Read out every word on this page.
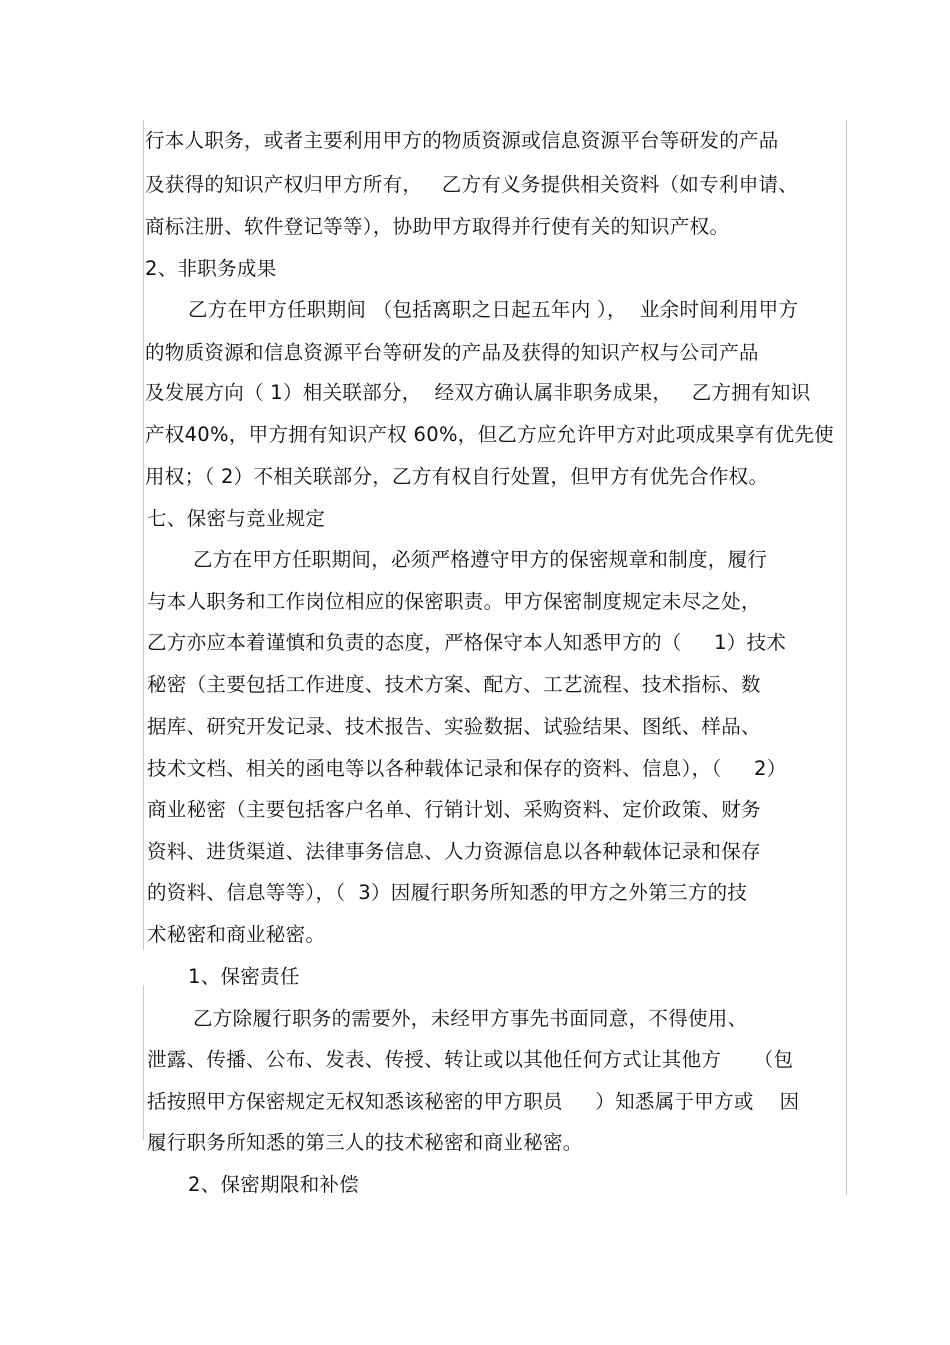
行本人职务，或者主要利用甲方的物质资源或信息资源平台等研发的产品
及获得的知识产权归甲方所有，   乙方有义务提供相关资料（如专利申请、
商标注册、软件登记等等），协助甲方取得并行使有关的知识产权。
2、非职务成果
乙方在甲方任职期间 （包括离职之日起五年内 ），  业余时间利用甲方
的物质资源和信息资源平台等研发的产品及获得的知识产权与公司产品
及发展方向（ 1）相关联部分，  经双方确认属非职务成果，   乙方拥有知识
产权40%，甲方拥有知识产权 60%，但乙方应允许甲方对此项成果享有优先使
用权；（ 2）不相关联部分，乙方有权自行处置，但甲方有优先合作权。
七、保密与竞业规定
乙方在甲方任职期间，必须严格遵守甲方的保密规章和制度，履行
与本人职务和工作岗位相应的保密职责。甲方保密制度规定未尽之处，
乙方亦应本着谨慎和负责的态度，严格保守本人知悉甲方的（     1）技术
秘密（主要包括工作进度、技术方案、配方、工艺流程、技术指标、数
据库、研究开发记录、技术报告、实验数据、试验结果、图纸、样品、
技术文档、相关的函电等以各种载体记录和保存的资料、信息），（     2）
商业秘密（主要包括客户名单、行销计划、采购资料、定价政策、财务
资料、进货渠道、法律事务信息、人力资源信息以各种载体记录和保存
的资料、信息等等），（  3）因履行职务所知悉的甲方之外第三方的技
术秘密和商业秘密。
1、保密责任
乙方除履行职务的需要外，未经甲方事先书面同意，不得使用、
泄露、传播、公布、发表、传授、转让或以其他任何方式让其他方     （包
括按照甲方保密规定无权知悉该秘密的甲方职员     ）知悉属于甲方或    因
履行职务所知悉的第三人的技术秘密和商业秘密。
2、保密期限和补偿
